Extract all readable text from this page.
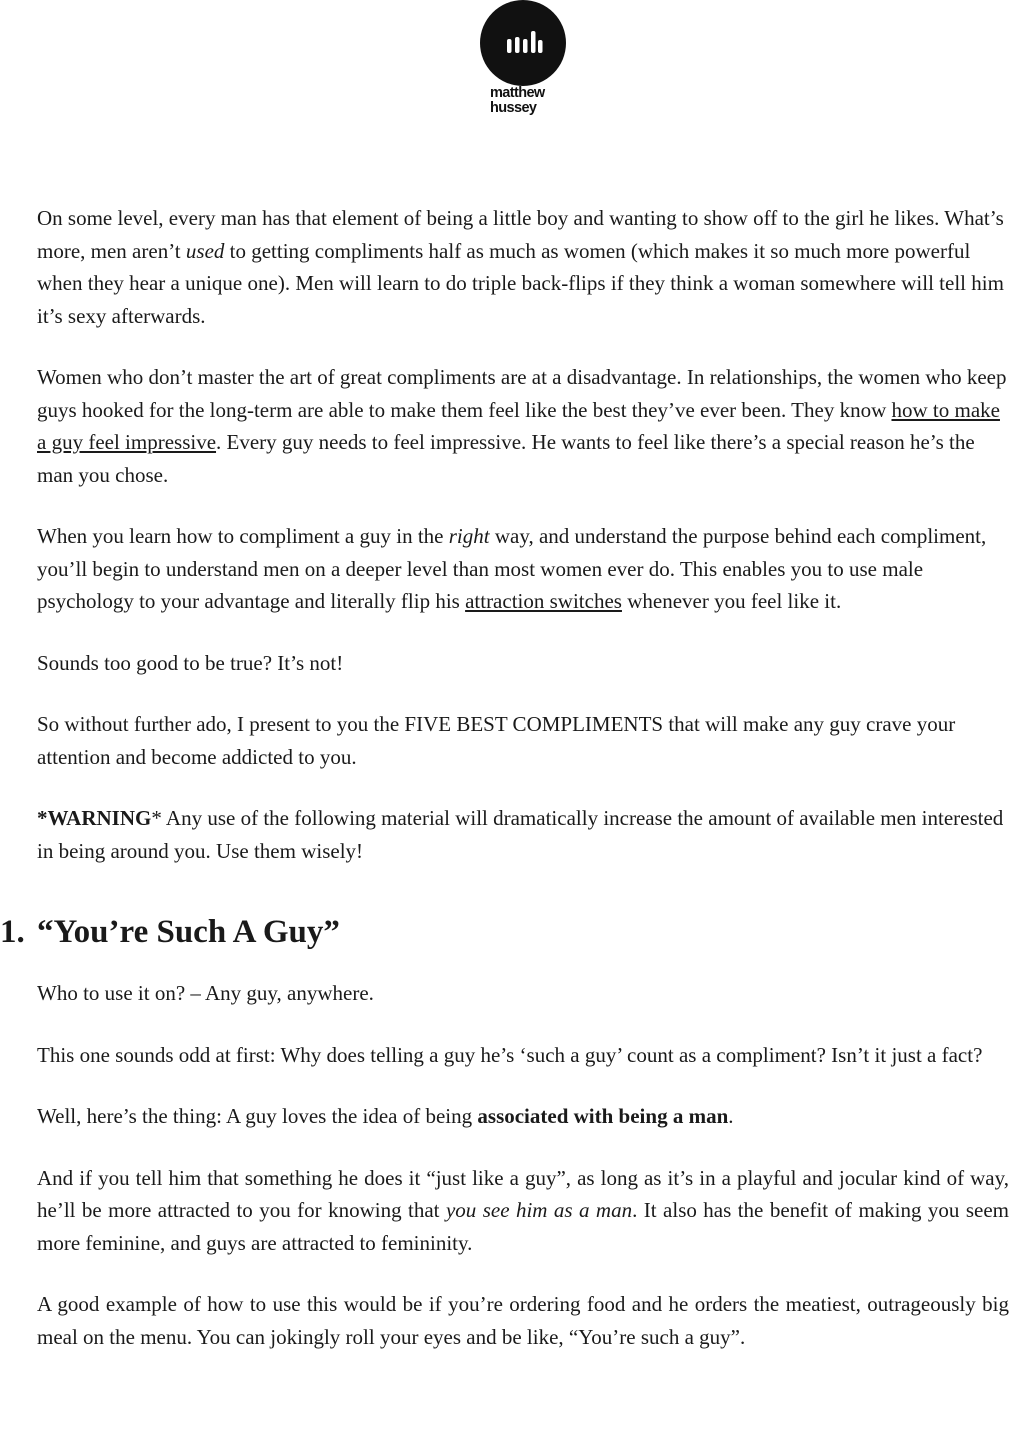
matthew
hussey

On some level, every man has that element of being a little boy and wanting to show off to the girl he likes. What’s more, men aren’t used to getting compliments half as much as women (which makes it so much more powerful when they hear a unique one). Men will learn to do triple back-flips if they think a woman somewhere will tell him it’s sexy afterwards.

Women who don’t master the art of great compliments are at a disadvantage. In relationships, the women who keep guys hooked for the long-term are able to make them feel like the best they’ve ever been. They know how to make a guy feel impressive. Every guy needs to feel impressive. He wants to feel like there’s a special reason he’s the man you chose.

When you learn how to compliment a guy in the right way, and understand the purpose behind each compliment, you’ll begin to understand men on a deeper level than most women ever do. This enables you to use male psychology to your advantage and literally flip his attraction switches whenever you feel like it.

Sounds too good to be true? It’s not!

So without further ado, I present to you the FIVE BEST COMPLIMENTS that will make any guy crave your attention and become addicted to you.

*WARNING* Any use of the following material will dramatically increase the amount of available men interested in being around you. Use them wisely!

1. “You’re Such A Guy”

Who to use it on? – Any guy, anywhere.

This one sounds odd at first: Why does telling a guy he’s ‘such a guy’ count as a compliment? Isn’t it just a fact?

Well, here’s the thing: A guy loves the idea of being associated with being a man.

And if you tell him that something he does it “just like a guy”, as long as it’s in a playful and jocular kind of way, he’ll be more attracted to you for knowing that you see him as a man. It also has the benefit of making you seem more feminine, and guys are attracted to femininity.

A good example of how to use this would be if you’re ordering food and he orders the meatiest, outrageously big meal on the menu. You can jokingly roll your eyes and be like, “You’re such a guy”.
